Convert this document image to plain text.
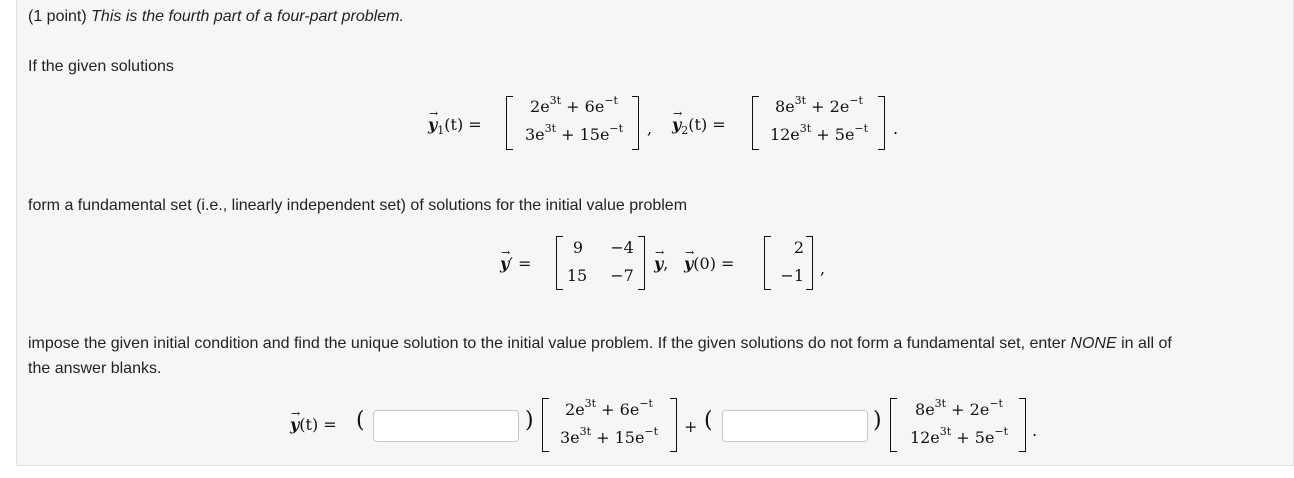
(1 point) This is the fourth part of a four-part problem.
If the given solutions
→ $y_1(t)$ =
$2e^{3t} + 6e^{-t}$
$3e^{3t} + 15e^{-t}$	, → $y_2(t)$ =
$8e^{3t} + 2e^{-t}$
$12e^{3t} + 5e^{-t}$	.
form a fundamental set (i.e., linearly independent set) of solutions for the initial value problem
→ y′ =
9	−4
15	−7
→ y, → y(0) =
2
−1 ,
impose the given initial condition and find the unique solution to the initial value problem. If the given solutions do not form a fundamental set, enter NONE in all of
the answer blanks.
→ y(t) = (	)	$2e^{3t} + 6e^{-t}$
$3e^{3t} + 15e^{-t}$	+ (	)	$8e^{3t} + 2e^{-t}$
$12e^{3t} + 5e^{-t}$	.
